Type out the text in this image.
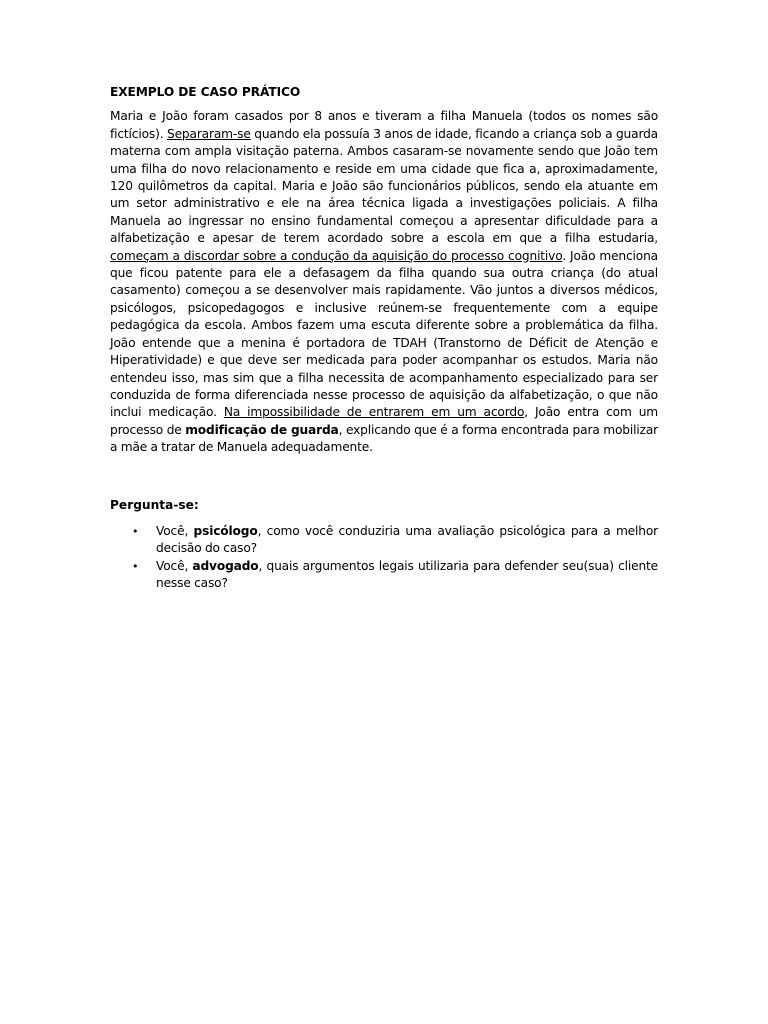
EXEMPLO DE CASO PRÁTICO

Maria e João foram casados por 8 anos e tiveram a filha Manuela (todos os nomes são fictícios). Separaram-se quando ela possuía 3 anos de idade, ficando a criança sob a guarda materna com ampla visitação paterna. Ambos casaram-se novamente sendo que João tem uma filha do novo relacionamento e reside em uma cidade que fica a, aproximadamente, 120 quilômetros da capital. Maria e João são funcionários públicos, sendo ela atuante em um setor administrativo e ele na área técnica ligada a investigações policiais. A filha Manuela ao ingressar no ensino fundamental começou a apresentar dificuldade para a alfabetização e apesar de terem acordado sobre a escola em que a filha estudaria, começam a discordar sobre a condução da aquisição do processo cognitivo. João menciona que ficou patente para ele a defasagem da filha quando sua outra criança (do atual casamento) começou a se desenvolver mais rapidamente. Vão juntos a diversos médicos, psicólogos, psicopedagogos e inclusive reúnem-se frequentemente com a equipe pedagógica da escola. Ambos fazem uma escuta diferente sobre a problemática da filha. João entende que a menina é portadora de TDAH (Transtorno de Déficit de Atenção e Hiperatividade) e que deve ser medicada para poder acompanhar os estudos. Maria não entendeu isso, mas sim que a filha necessita de acompanhamento especializado para ser conduzida de forma diferenciada nesse processo de aquisição da alfabetização, o que não inclui medicação. Na impossibilidade de entrarem em um acordo, João entra com um processo de modificação de guarda, explicando que é a forma encontrada para mobilizar a mãe a tratar de Manuela adequadamente.

Pergunta-se:
• Você, psicólogo, como você conduziria uma avaliação psicológica para a melhor decisão do caso?
• Você, advogado, quais argumentos legais utilizaria para defender seu(sua) cliente nesse caso?
